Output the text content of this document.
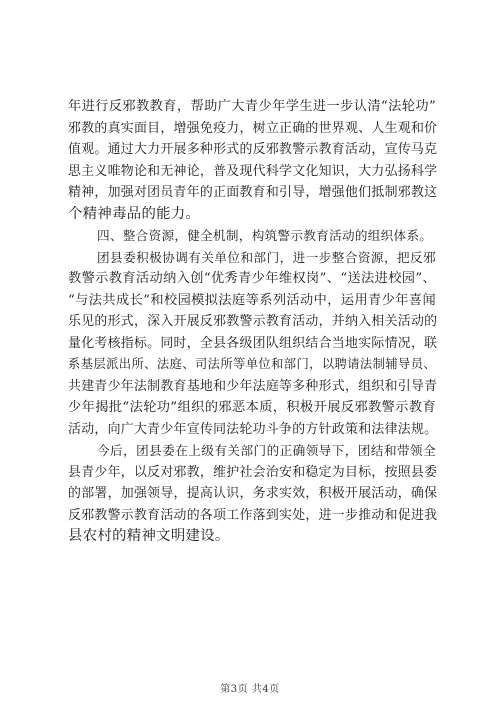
年进行反邪教教育，帮助广大青少年学生进一步认清“法轮功”
邪教的真实面目，增强免疫力，树立正确的世界观、人生观和价
值观。通过大力开展多种形式的反邪教警示教育活动，宣传马克
思主义唯物论和无神论，普及现代科学文化知识，大力弘扬科学
精神，加强对团员青年的正面教育和引导，增强他们抵制邪教这
个精神毒品的能力。
四、整合资源，健全机制，构筑警示教育活动的组织体系。
团县委积极协调有关单位和部门，进一步整合资源，把反邪
教警示教育活动纳入创“优秀青少年维权岗”、“送法进校园”、
“与法共成长”和校园模拟法庭等系列活动中，运用青少年喜闻
乐见的形式，深入开展反邪教警示教育活动，并纳入相关活动的
量化考核指标。同时，全县各级团队组织结合当地实际情况，联
系基层派出所、法庭、司法所等单位和部门，以聘请法制辅导员、
共建青少年法制教育基地和少年法庭等多种形式，组织和引导青
少年揭批“法轮功”组织的邪恶本质，积极开展反邪教警示教育
活动，向广大青少年宣传同法轮功斗争的方针政策和法律法规。
今后，团县委在上级有关部门的正确领导下，团结和带领全
县青少年，以反对邪教，维护社会治安和稳定为目标，按照县委
的部署，加强领导，提高认识，务求实效，积极开展活动，确保
反邪教警示教育活动的各项工作落到实处，进一步推动和促进我
县农村的精神文明建设。
第3页 共4页
